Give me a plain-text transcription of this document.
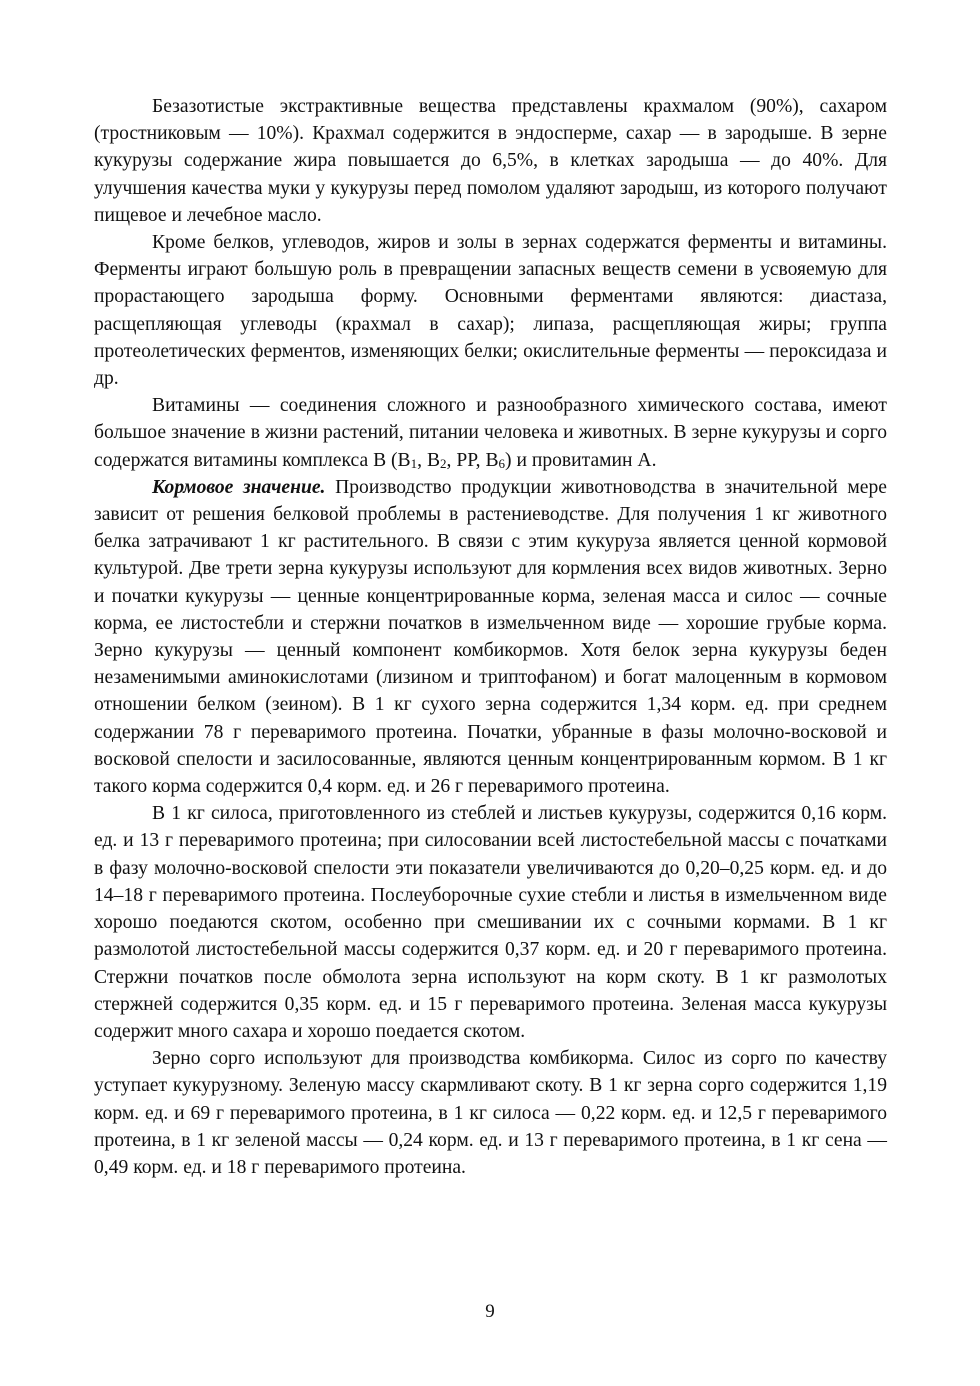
Безазотистые экстрактивные вещества представлены крахмалом (90%), сахаром (тростниковым — 10%). Крахмал содержится в эндосперме, сахар — в зародыше. В зерне кукурузы содержание жира повышается до 6,5%, в клетках зародыша — до 40%. Для улучшения качества муки у кукурузы перед помолом удаляют зародыш, из которого получают пищевое и лечебное масло.

Кроме белков, углеводов, жиров и золы в зернах содержатся ферменты и витамины. Ферменты играют большую роль в превращении запасных веществ семени в усвояемую для прорастающего зародыша форму. Основными ферментами являются: диастаза, расщепляющая углеводы (крахмал в сахар); липаза, расщепляющая жиры; группа протеолетических ферментов, изменяющих белки; окислительные ферменты — пероксидаза и др.

Витамины — соединения сложного и разнообразного химического состава, имеют большое значение в жизни растений, питании человека и животных. В зерне кукурузы и сорго содержатся витамины комплекса В (В1, В2, РР, В6) и провитамин А.

Кормовое значение. Производство продукции животноводства в значительной мере зависит от решения белковой проблемы в растениеводстве. Для получения 1 кг животного белка затрачивают 1 кг растительного. В связи с этим кукуруза является ценной кормовой культурой. Две трети зерна кукурузы используют для кормления всех видов животных. Зерно и початки кукурузы — ценные концентрированные корма, зеленая масса и силос — сочные корма, ее листостебли и стержни початков в измельченном виде — хорошие грубые корма. Зерно кукурузы — ценный компонент комбикормов. Хотя белок зерна кукурузы беден незаменимыми аминокислотами (лизином и триптофаном) и богат малоценным в кормовом отношении белком (зеином). В 1 кг сухого зерна содержится 1,34 корм. ед. при среднем содержании 78 г переваримого протеина. Початки, убранные в фазы молочно-восковой и восковой спелости и засилосованные, являются ценным концентрированным кормом. В 1 кг такого корма содержится 0,4 корм. ед. и 26 г переваримого протеина.

В 1 кг силоса, приготовленного из стеблей и листьев кукурузы, содержится 0,16 корм. ед. и 13 г переваримого протеина; при силосовании всей листостебельной массы с початками в фазу молочно-восковой спелости эти показатели увеличиваются до 0,20–0,25 корм. ед. и до 14–18 г переваримого протеина. Послеуборочные сухие стебли и листья в измельченном виде хорошо поедаются скотом, особенно при смешивании их с сочными кормами. В 1 кг размолотой листостебельной массы содержится 0,37 корм. ед. и 20 г переваримого протеина. Стержни початков после обмолота зерна используют на корм скоту. В 1 кг размолотых стержней содержится 0,35 корм. ед. и 15 г переваримого протеина. Зеленая масса кукурузы содержит много сахара и хорошо поедается скотом.

Зерно сорго используют для производства комбикорма. Силос из сорго по качеству уступает кукурузному. Зеленую массу скармливают скоту. В 1 кг зерна сорго содержится 1,19 корм. ед. и 69 г переваримого протеина, в 1 кг силоса — 0,22 корм. ед. и 12,5 г переваримого протеина, в 1 кг зеленой массы — 0,24 корм. ед. и 13 г переваримого протеина, в 1 кг сена — 0,49 корм. ед. и 18 г переваримого протеина.

9
